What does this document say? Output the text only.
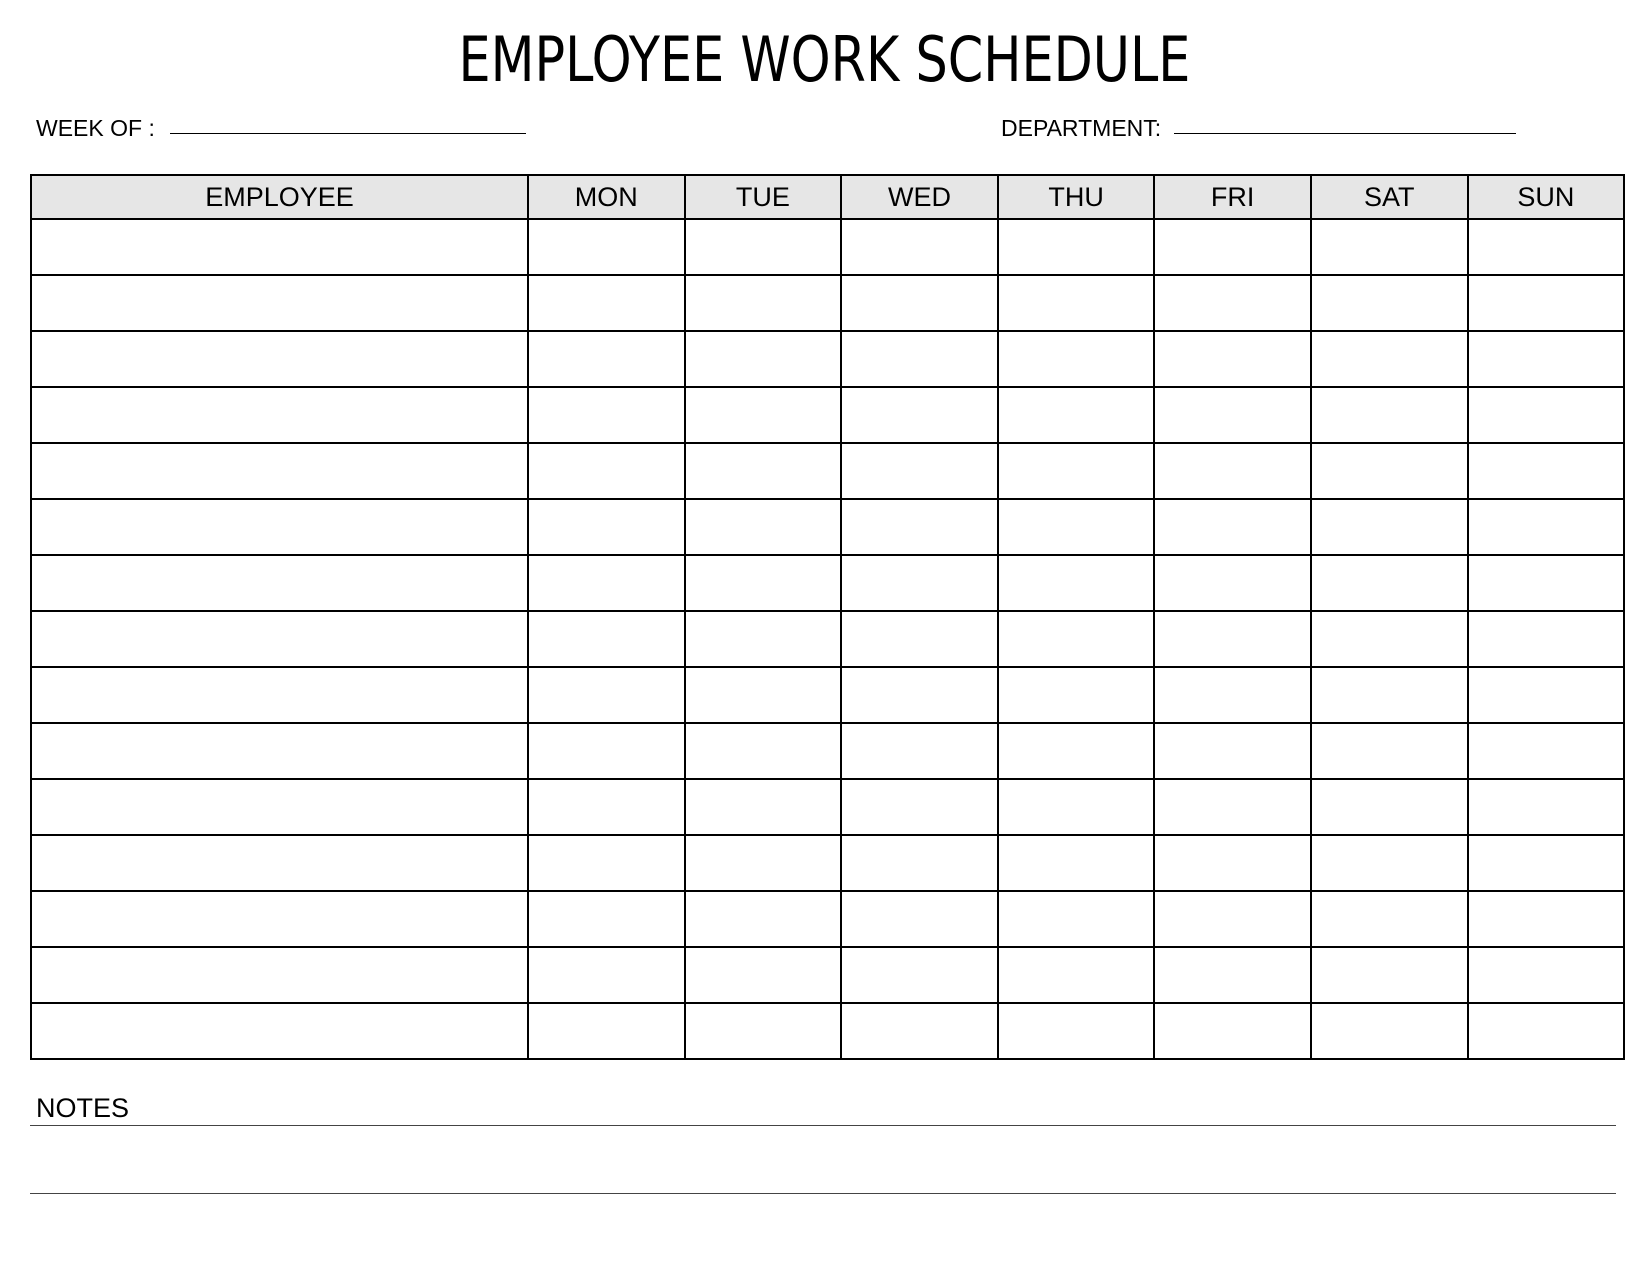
EMPLOYEE WORK SCHEDULE
WEEK OF :	DEPARTMENT:
EMPLOYEE	MON	TUE	WED	THU	FRI	SAT	SUN

NOTES
